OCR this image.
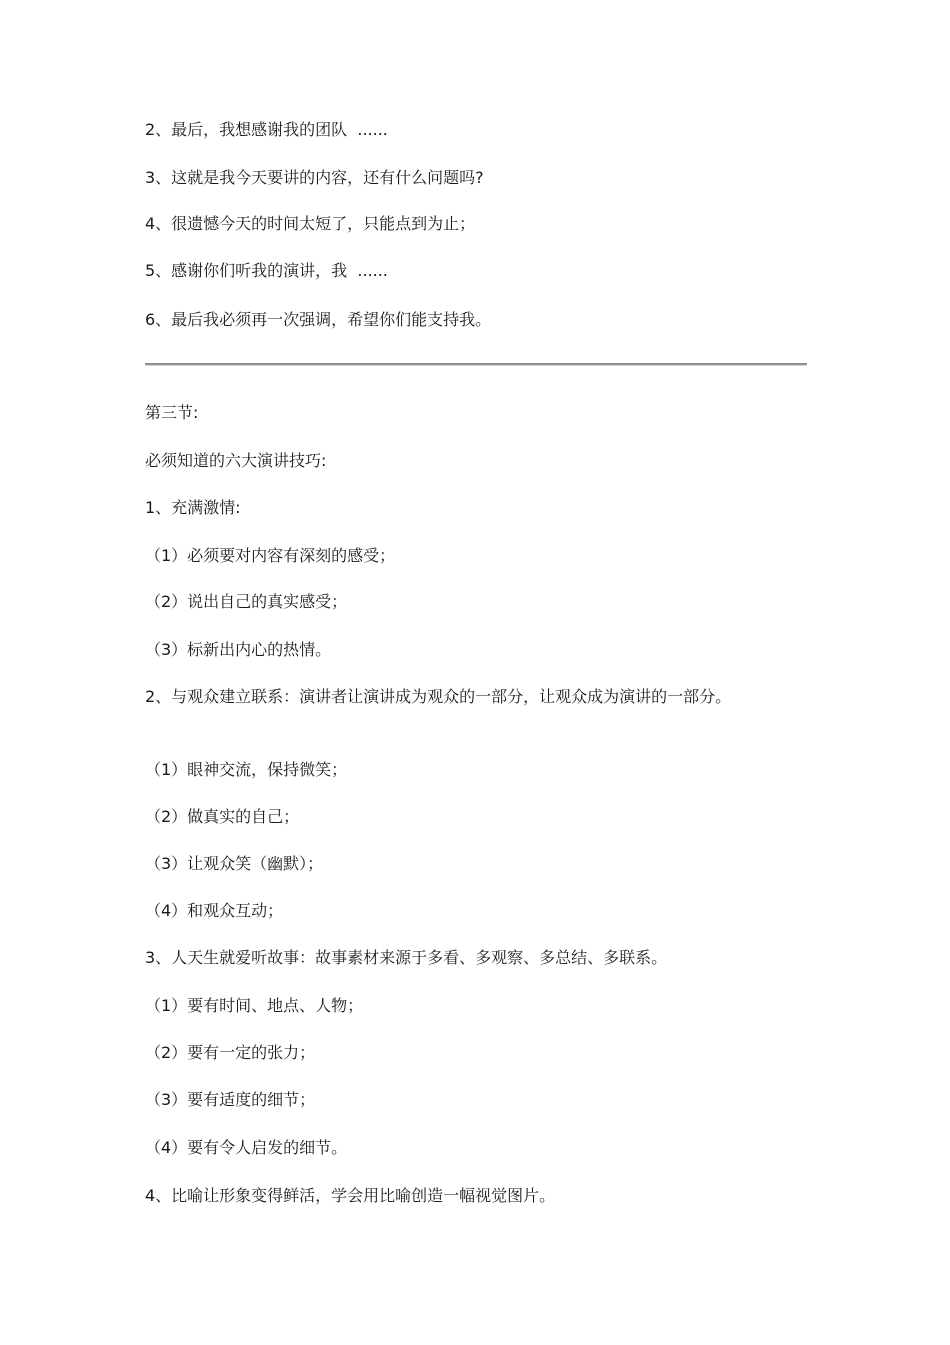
2、最后，我想感谢我的团队  ......

3、这就是我今天要讲的内容，还有什么问题吗?

4、很遗憾今天的时间太短了，只能点到为止；

5、感谢你们听我的演讲，我  ......

6、最后我必须再一次强调，希望你们能支持我。

第三节:

必须知道的六大演讲技巧:

1、充满激情:

（1）必须要对内容有深刻的感受；

（2）说出自己的真实感受；

（3）标新出内心的热情。

2、与观众建立联系：演讲者让演讲成为观众的一部分，让观众成为演讲的一部分。

（1）眼神交流，保持微笑；

（2）做真实的自己；

（3）让观众笑（幽默）；

（4）和观众互动；

3、人天生就爱听故事：故事素材来源于多看、多观察、多总结、多联系。

（1）要有时间、地点、人物；

（2）要有一定的张力；

（3）要有适度的细节；

（4）要有令人启发的细节。

4、比喻让形象变得鲜活，学会用比喻创造一幅视觉图片。
